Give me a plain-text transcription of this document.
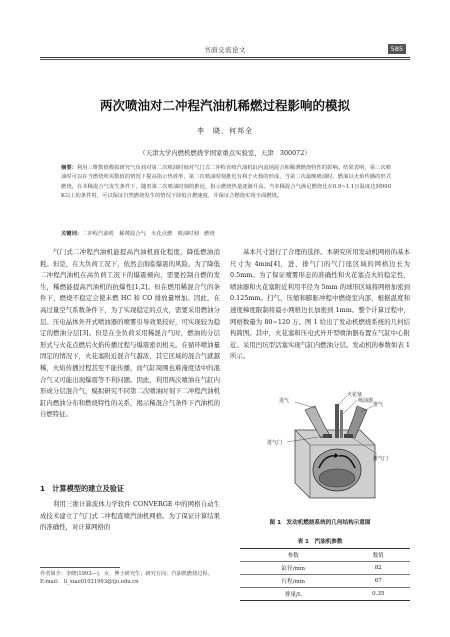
书面交流论文	585
两次喷油对二冲程汽油机稀燃过程影响的模拟
李　晓，何邦全
（天津大学内燃机燃烧学国家重点实验室，天津　300072）
摘要：利用三维数值模拟研究气负荷对第二次喷油时刻对气门式二冲程直喷汽油机缸内流场混合和稀薄燃烧特性的影响。结果表明，第二次喷油时可以在当燃烧所需数值的情况下提高指示热效率，第二次喷油时刻推迟有利于火核的形成，当第二次最晚喷油时，燃油以火焰传播的形式燃烧，在本稀混合气发生条件下，随着第二次喷油时刻的推迟，指示燃烧热量逐渐升高。当本稀混合气满足燃烧比在0.9~1.1且温度达到900 K以上的条件时，可以保证自然燃烧发生的情况下降低自燃速度，并保证合燃烧实现全面燃烧。
关键词：二冲程汽油机　稀薄混合气　火花点燃　喷油时刻　燃烧

气门式二冲程汽油机能提高汽油机面化程度，降低燃油消耗。但是，在大负荷工况下，依然会面临爆震的风险。为了降低二冲程汽油机在高负荷工况下的爆震倾向，需要控制自燃的发生，稀燃能提高汽油机的抗爆性[1,2]。但在燃用稀混合气的条件下，燃烧不稳定会使未燃 HC 和 CO 排放量增加。因此，在高过量空气系数条件下，为了实现稳定的点火，需要采用燃油分层。压电晶体外开式喷油器的喷雾引导效果较好，可实现较为稳定的燃油分层[3]。但是在全负荷采用稀混合气时，燃油的分层形式与火花点燃后火焰传播过程与爆震密切相关。在循环喷油量固定的情况下，火花塞附近混合气越浓，其它区域的混合气就越稀，火焰传播过程甚至不能传播，而气缸周围也难淹度适中的混合气又可能出现爆震等不利问题。因此，利用两次喷油在气缸内形成分层混合气，模拟研究不同第二次喷油时刻下二冲程汽油机缸内燃油分布和燃烧特性的关系，揭示稀混合气条件下汽油机的自燃特征。

1　计算模型的建立及验证

利用三维计算流体力学软件 CONVERGE 中的网格自动生成技术建立了气门式二冲程直喷汽油机网格。为了保证计算结果的准确性，对计算网格的

作者简介：李晓(1993—)，女，博士研究生；研究方向：汽油机燃烧过程。
E-mail:　li_xiao01021993@tju.edu.cn

基本尺寸进行了合理的选择。本研究所用发动机网格的基本尺寸为 4mm[4]，进、排气门的气门座区域的网格边长为 0.5mm。为了保证喷雾形态的准确性和火花塞点火的稳定性，喷油器和火花塞附近利用半径为 5mm 的球形区域将网格加密到 0.125mm。扫气、压缩和膨胀冲程中燃烧室内部，根据温度和速度梯度限制将最小网格边长加密到 1mm。整个计算过程中，网格数量为 80~120 万。图 1 给出了发动机燃烧系统的几何结构简图。其中，火花塞和压电式外开型喷油器布置在气缸中心附近。采用凹坑型活塞实现气缸内燃油分层。发动机的参数如表 1 所示。

进气
火花塞
喷油器
排气
进气门
排气门
图 1　发动机燃烧系统的几何结构示意图
表 1　汽油机参数
参数	数值
缸径/mm	82
行程/mm	67
排量/L	0.35
